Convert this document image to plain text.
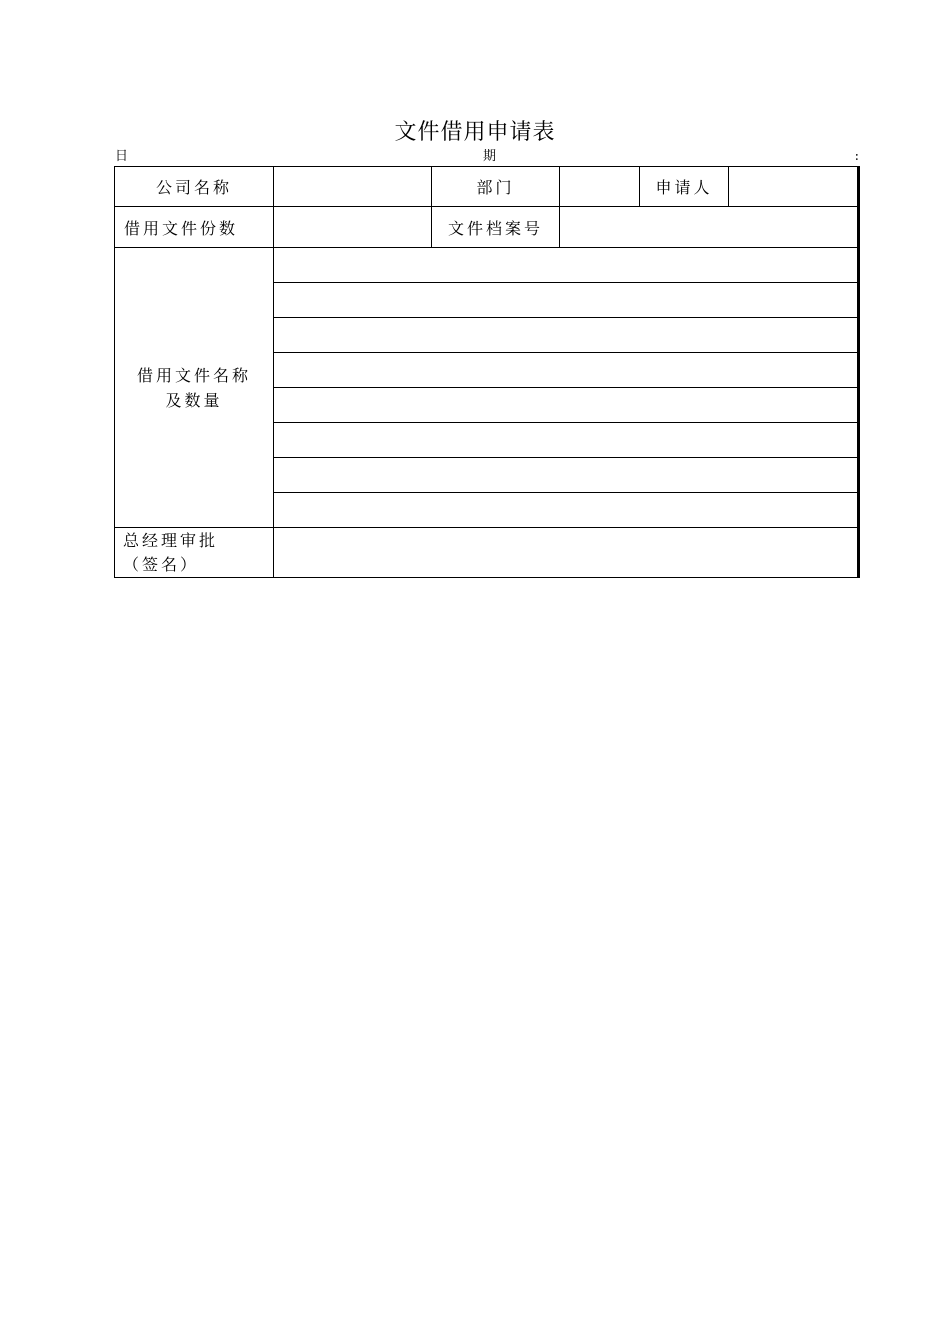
文件借用申请表
日	期	:
公司名称		部门		申请人	
借用文件份数		文件档案号			

借用文件名称
及数量					

总经理审批
（签名）					
